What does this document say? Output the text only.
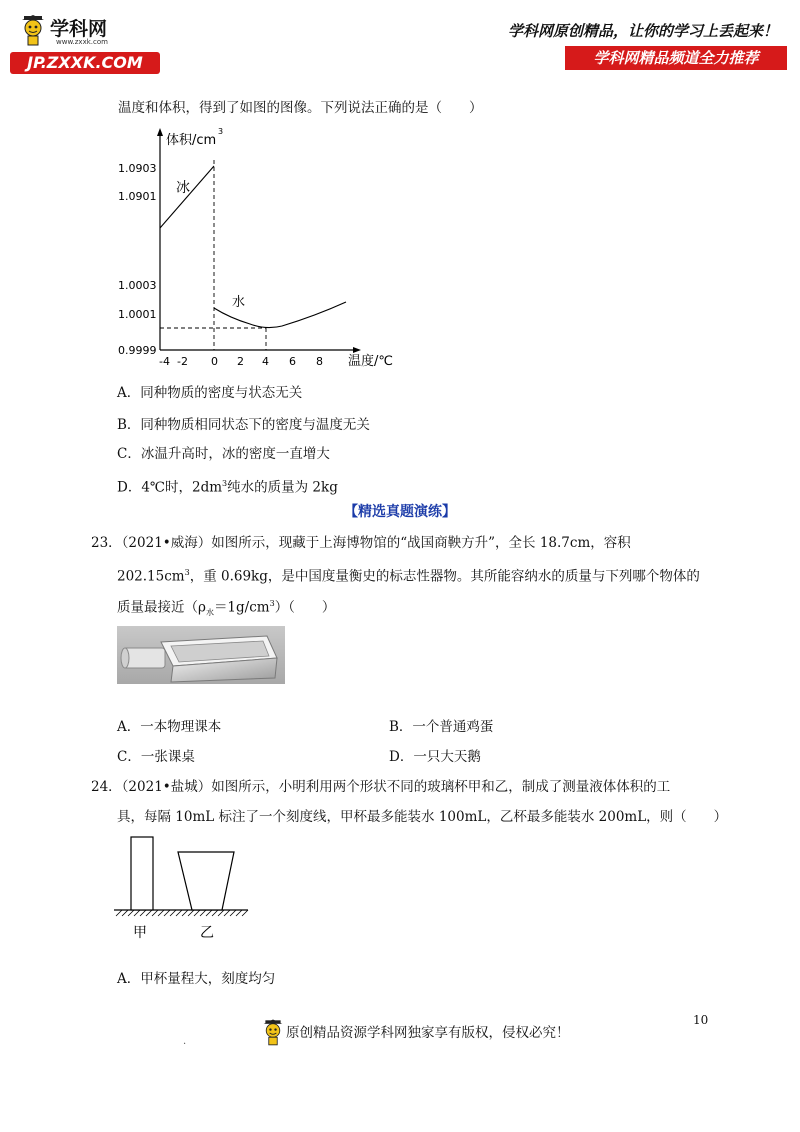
学科网
www.zxxk.com
JP.ZXXK.COM
学科网原创精品，让你的学习上丢起来！
学科网精品频道全力推荐
温度和体积，得到了如图的图像。下列说法正确的是（　　）
体积/cm
3
1.0903
1.0901
1.0003
1.0001
0.9999
-4 -2 0 2 4 6 8 温度/℃
冰
水
A．同种物质的密度与状态无关
B．同种物质相同状态下的密度与温度无关
C．冰温升高时，冰的密度一直增大
D．4℃时，$2dm^3$纯水的质量为 2kg
【精选真题演练】
23．（2021•威海）如图所示，现藏于上海博物馆的“战国商鞅方升”，全长 18.7cm，容积
$202.15cm^3$，重 0.69kg，是中国度量衡史的标志性器物。其所能容纳水的质量与下列哪个物体的
质量最接近$(\rho_水=1g/cm^3)$（　　）
A．一本物理课本	B．一个普通鸡蛋
C．一张课桌	D．一只大天鹅
24．（2021•盐城）如图所示，小明利用两个形状不同的玻璃杯甲和乙，制成了测量液体体积的工
具，每隔 10mL 标注了一个刻度线，甲杯最多能装水 100mL，乙杯最多能装水 200mL，则（　　）
甲	乙
A．甲杯量程大，刻度均匀
10
.
原创精品资源学科网独家享有版权，侵权必究！
